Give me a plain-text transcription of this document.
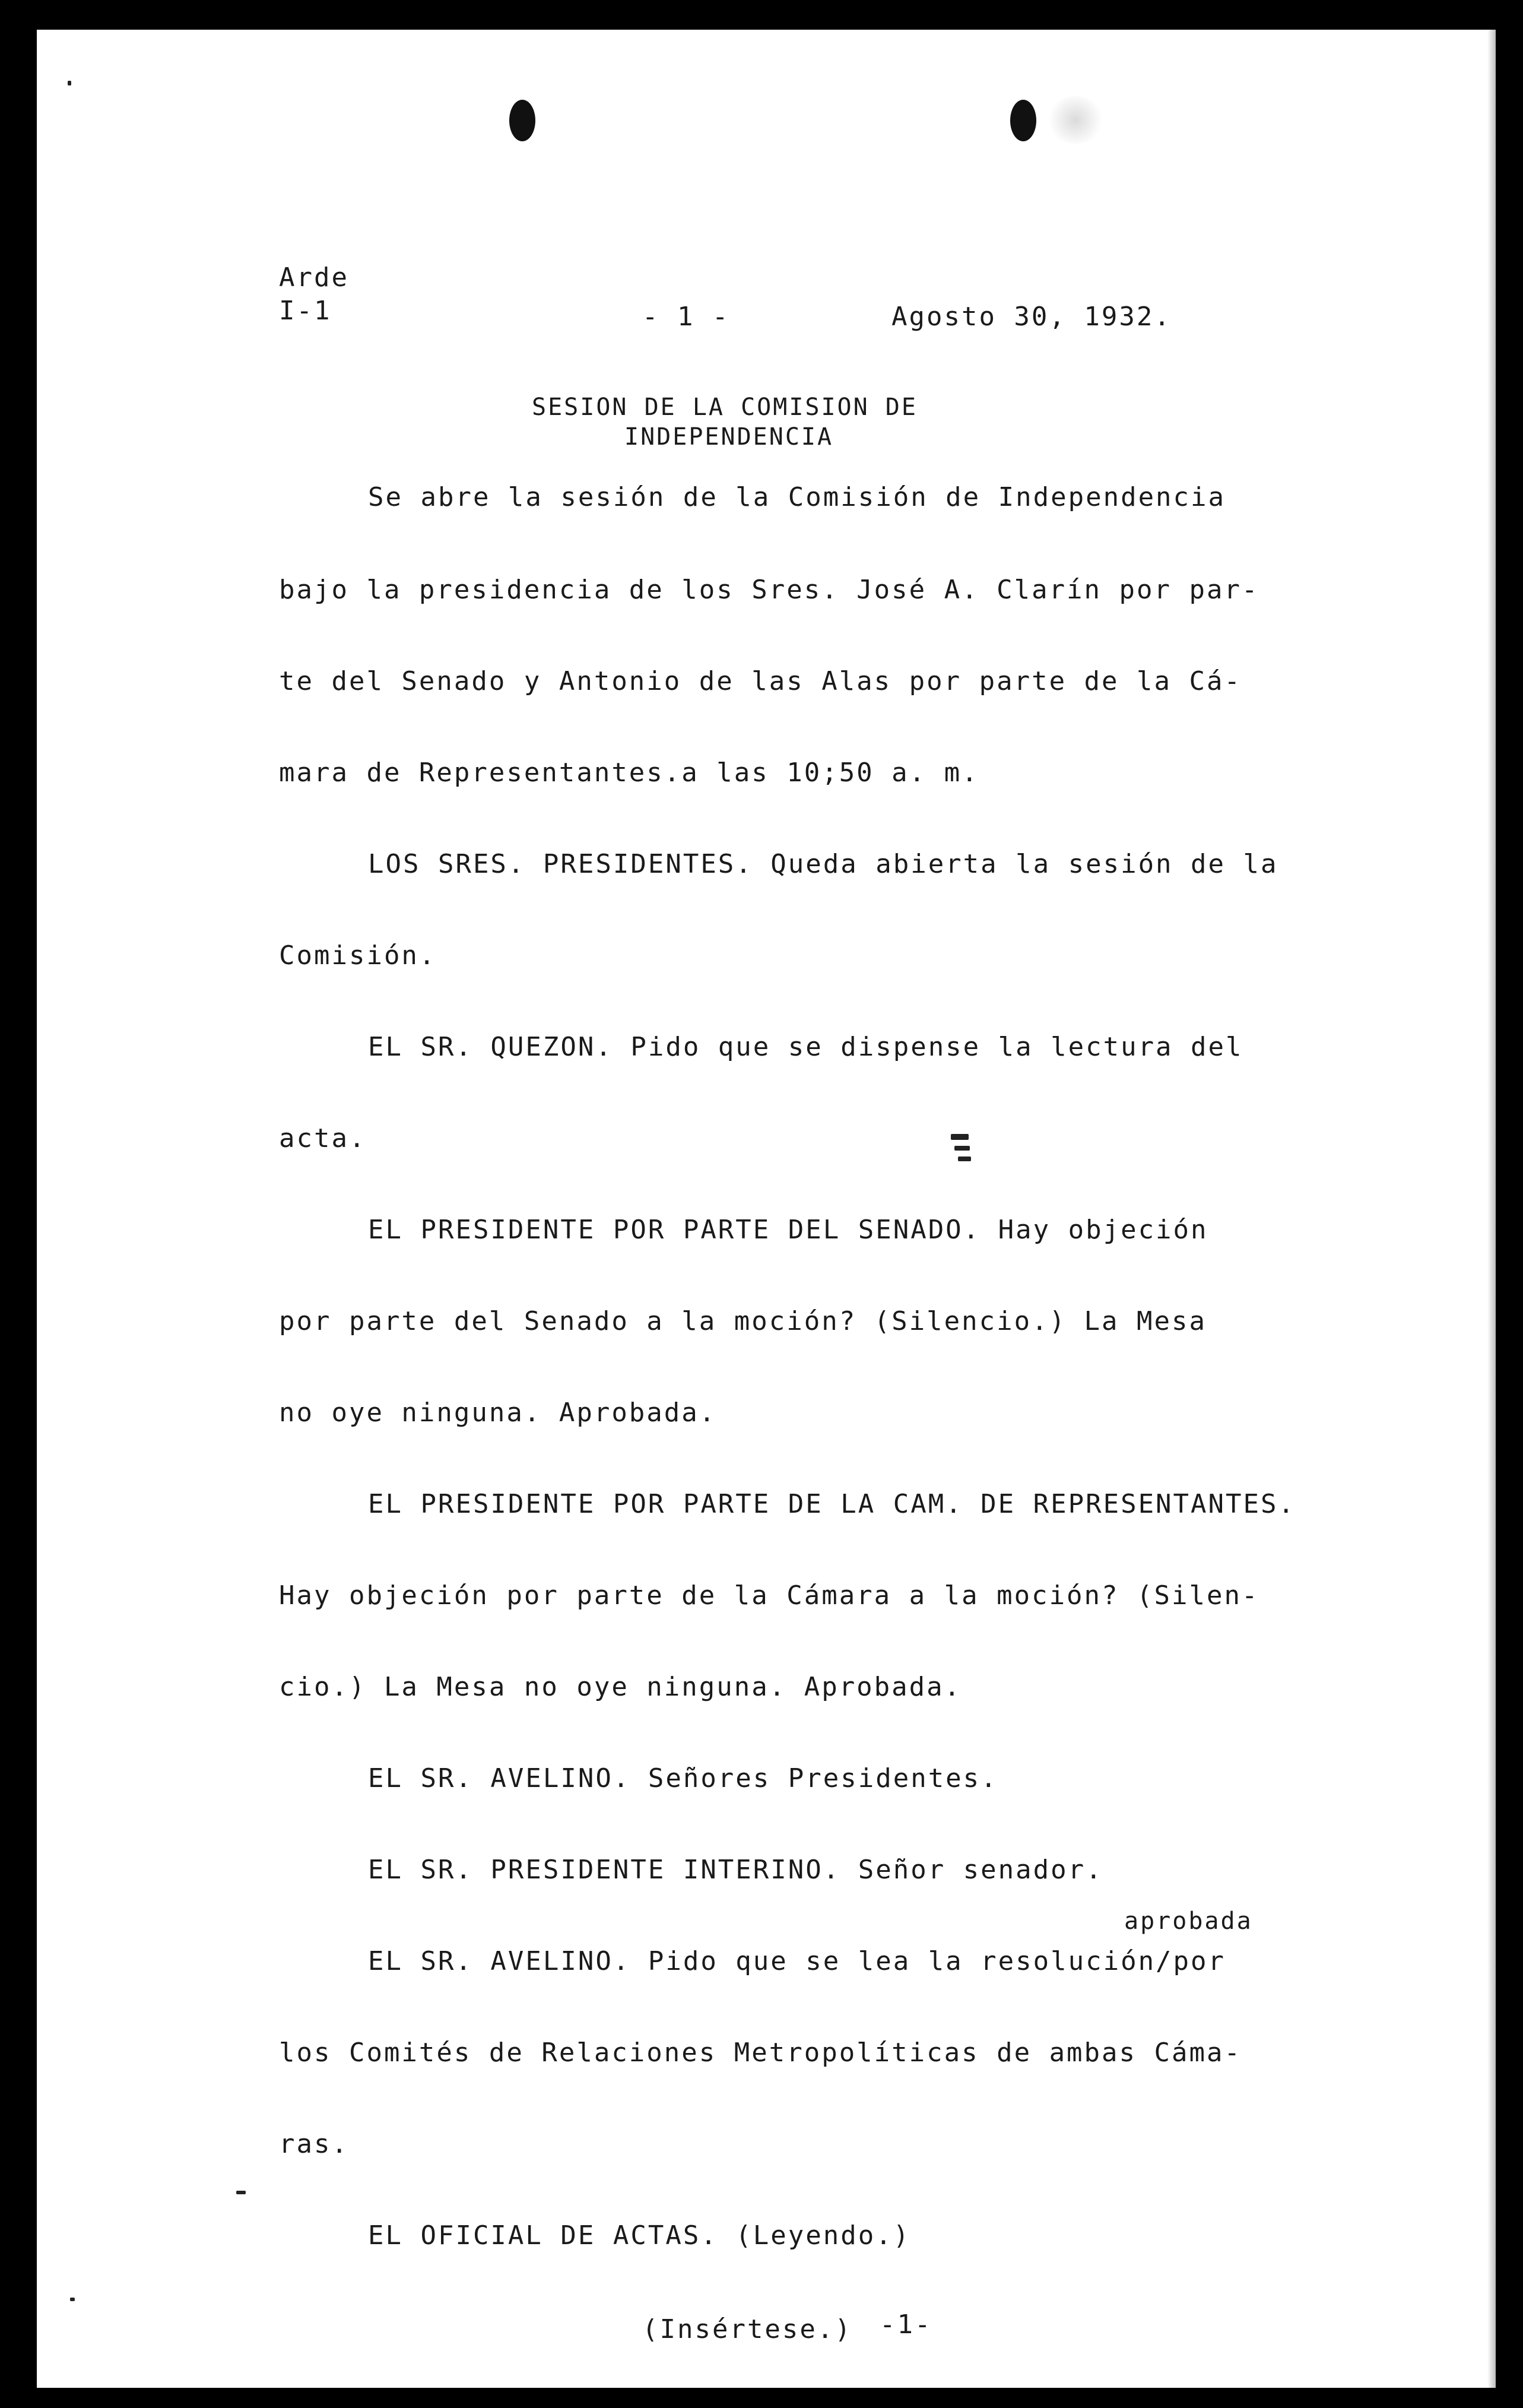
Arde
I-1	- 1 -	Agosto 30, 1932.
SESION DE LA COMISION DE
INDEPENDENCIA
Se abre la sesión de la Comisión de Independencia
bajo la presidencia de los Sres. José A. Clarín por par-
te del Senado y Antonio de las Alas por parte de la Cá-
mara de Representantes.a las 10;50 a. m.
LOS SRES. PRESIDENTES. Queda abierta la sesión de la
Comisión.
EL SR. QUEZON. Pido que se dispense la lectura del
acta.
EL PRESIDENTE POR PARTE DEL SENADO. Hay objeción
por parte del Senado a la moción? (Silencio.) La Mesa
no oye ninguna. Aprobada.
EL PRESIDENTE POR PARTE DE LA CAM. DE REPRESENTANTES.
Hay objeción por parte de la Cámara a la moción? (Silen-
cio.) La Mesa no oye ninguna. Aprobada.
EL SR. AVELINO. Señores Presidentes.
EL SR. PRESIDENTE INTERINO. Señor senador.
aprobada
EL SR. AVELINO. Pido que se lea la resolución/por
los Comités de Relaciones Metropolíticas de ambas Cáma-
ras.
EL OFICIAL DE ACTAS. (Leyendo.)
(Insértese.) -1-
